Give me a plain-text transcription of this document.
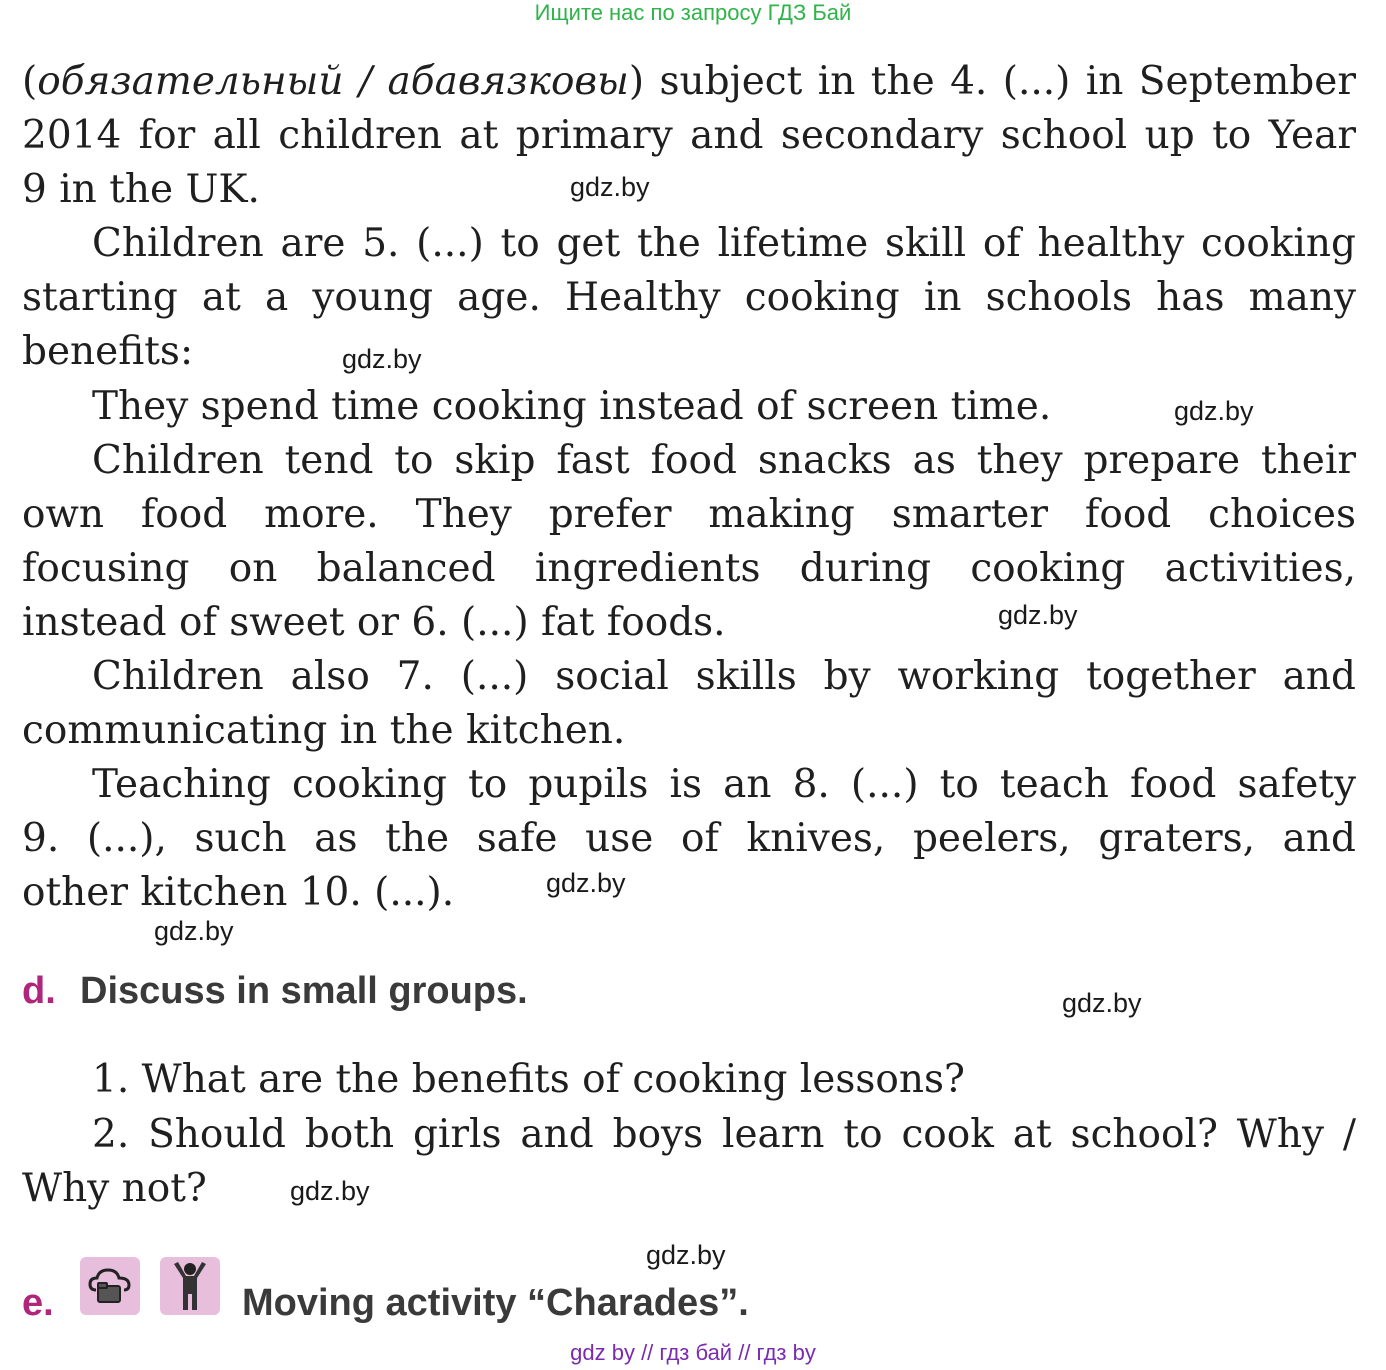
Ищите нас по запросу ГДЗ Бай
(обязательный / абавязковы) subject in the 4. (...) in September
2014 for all children at primary and secondary school up to Year
9 in the UK.
Children are 5. (...) to get the lifetime skill of healthy cooking
starting at a young age. Healthy cooking in schools has many
benefits:
They spend time cooking instead of screen time.
Children tend to skip fast food snacks as they prepare their
own food more. They prefer making smarter food choices
focusing on balanced ingredients during cooking activities,
instead of sweet or 6. (...) fat foods.
Children also 7. (...) social skills by working together and
communicating in the kitchen.
Teaching cooking to pupils is an 8. (...) to teach food safety
9. (...), such as the safe use of knives, peelers, graters, and
other kitchen 10. (...).
d. Discuss in small groups.
1. What are the benefits of cooking lessons?
2. Should both girls and boys learn to cook at school? Why /
Why not?
e.	Moving activity “Charades”.
gdz.by
gdz.by
gdz.by
gdz.by
gdz.by
gdz.by
gdz.by
gdz.by
gdz.by
gdz by // гдз бай // гдз by
